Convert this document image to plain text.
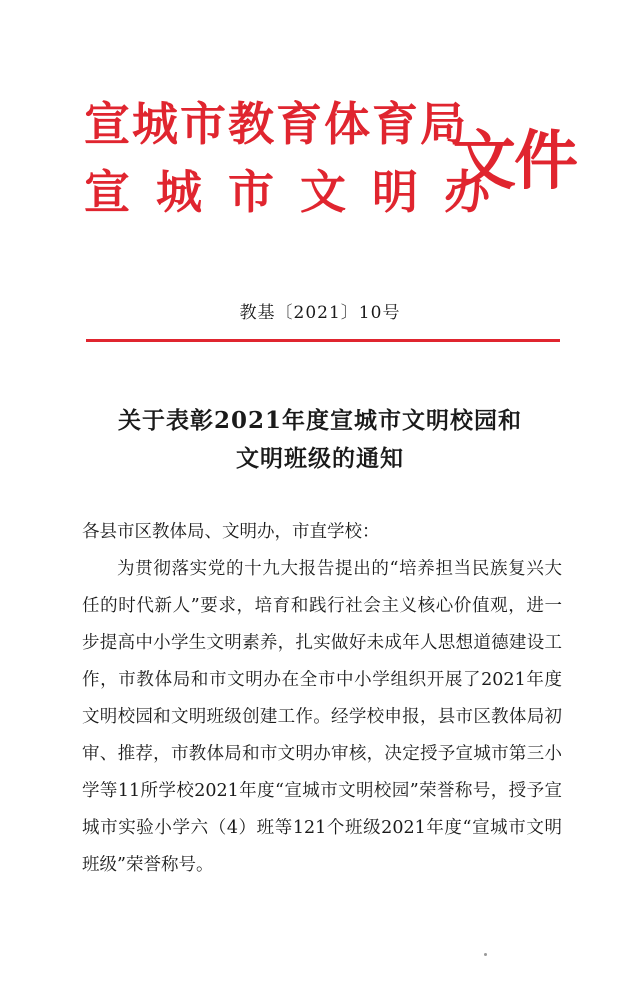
宣城市教育体育局
宣城市文明办
文件
教基〔2021〕10号
关于表彰2021年度宣城市文明校园和
文明班级的通知

各县市区教体局、文明办，市直学校：

为贯彻落实党的十九大报告提出的“培养担当民族复兴大任的时代新人”要求，培育和践行社会主义核心价值观，进一步提高中小学生文明素养，扎实做好未成年人思想道德建设工作，市教体局和市文明办在全市中小学组织开展了2021年度文明校园和文明班级创建工作。经学校申报，县市区教体局初审、推荐，市教体局和市文明办审核，决定授予宣城市第三小学等11所学校2021年度“宣城市文明校园”荣誉称号，授予宣城市实验小学六（4）班等121个班级2021年度“宣城市文明班级”荣誉称号。
